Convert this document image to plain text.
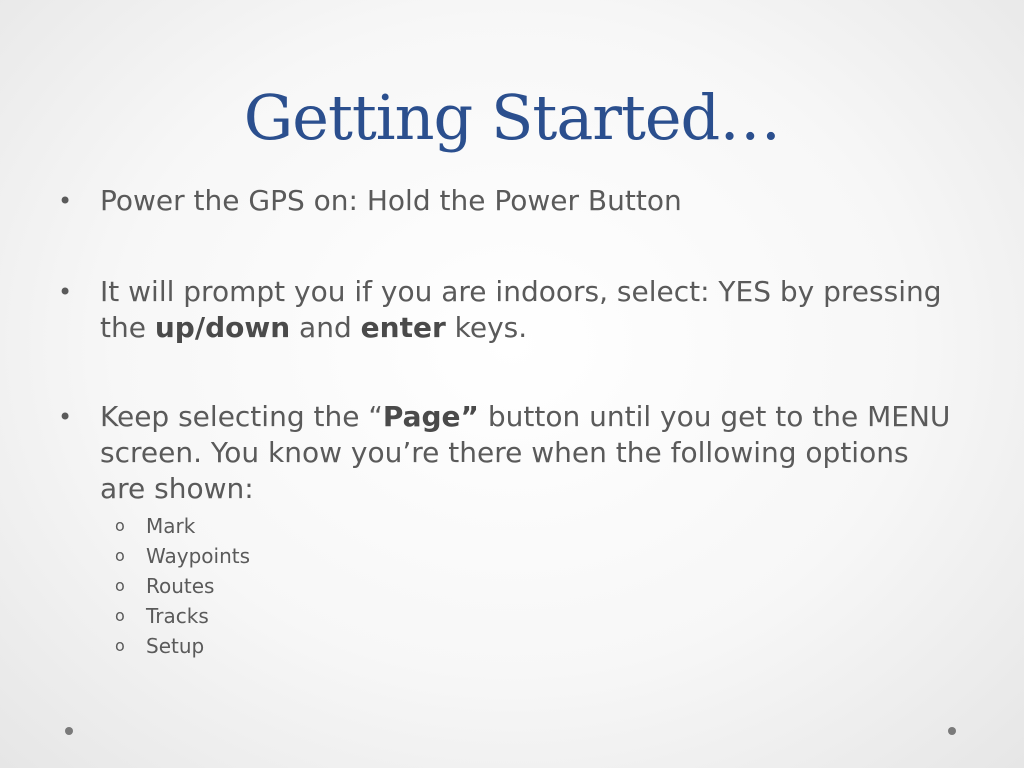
Getting Started…
• Power the GPS on: Hold the Power Button
• It will prompt you if you are indoors, select: YES by pressing the up/down and enter keys.
• Keep selecting the “Page” button until you get to the MENU screen. You know you’re there when the following options are shown:
o Mark
o Waypoints
o Routes
o Tracks
o Setup
